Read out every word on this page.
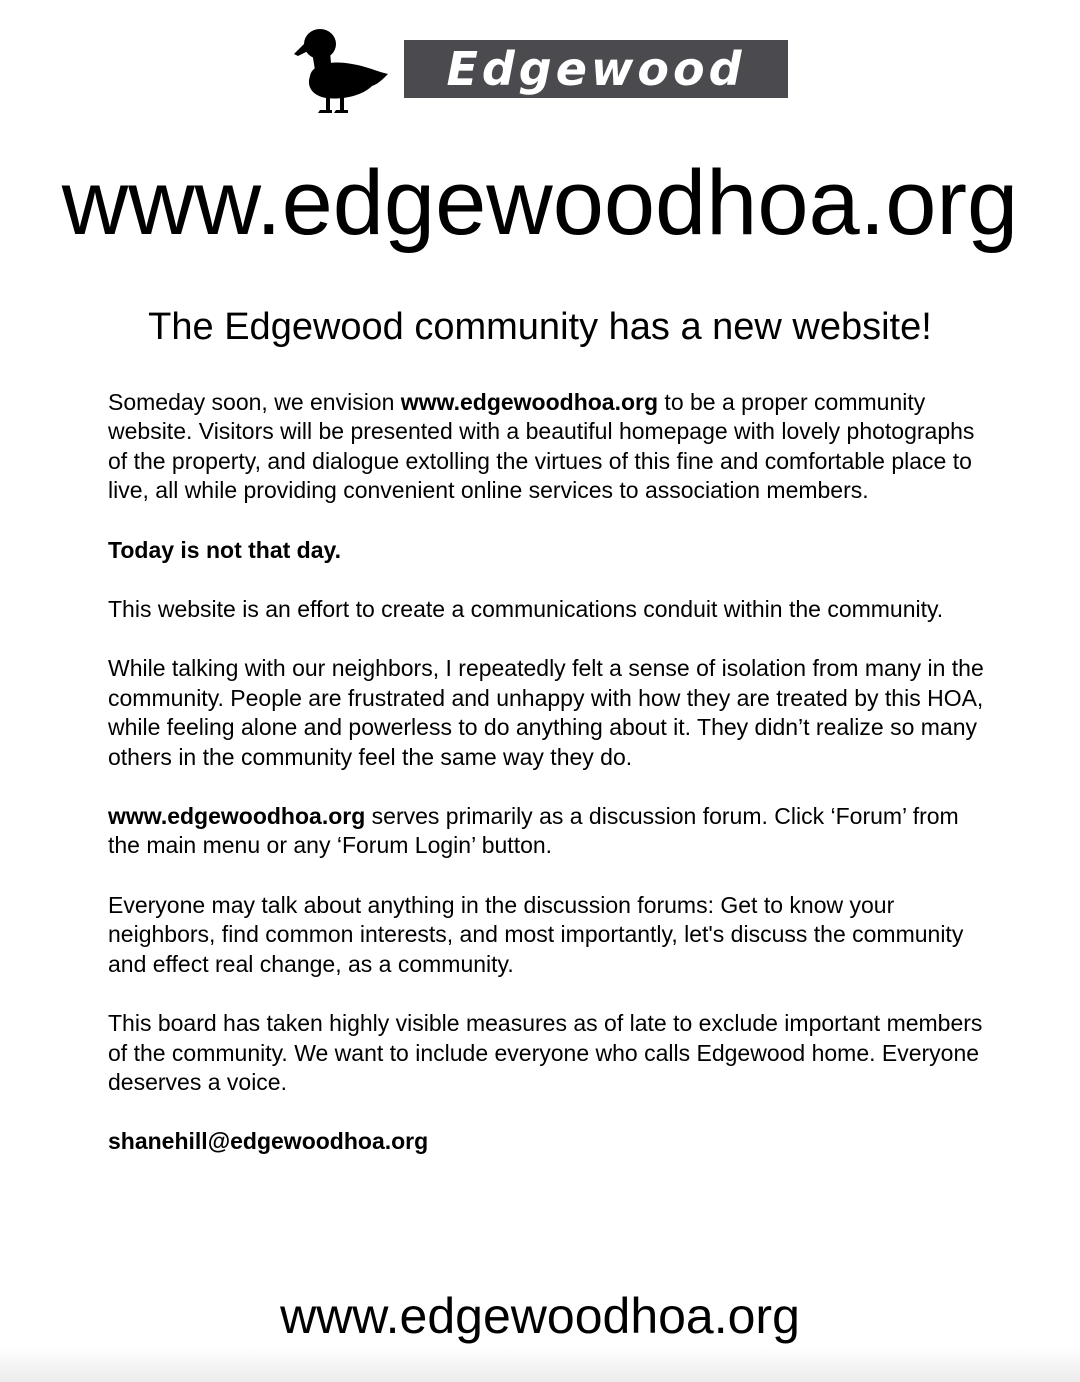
Edgewood
www.edgewoodhoa.org
The Edgewood community has a new website!

Someday soon, we envision www.edgewoodhoa.org to be a proper community website. Visitors will be presented with a beautiful homepage with lovely photographs of the property, and dialogue extolling the virtues of this fine and comfortable place to live, all while providing convenient online services to association members.

Today is not that day.

This website is an effort to create a communications conduit within the community.

While talking with our neighbors, I repeatedly felt a sense of isolation from many in the community. People are frustrated and unhappy with how they are treated by this HOA, while feeling alone and powerless to do anything about it. They didn’t realize so many others in the community feel the same way they do.

www.edgewoodhoa.org serves primarily as a discussion forum. Click ‘Forum’ from the main menu or any ‘Forum Login’ button.

Everyone may talk about anything in the discussion forums: Get to know your neighbors, find common interests, and most importantly, let's discuss the community and effect real change, as a community.

This board has taken highly visible measures as of late to exclude important members of the community. We want to include everyone who calls Edgewood home. Everyone deserves a voice.

shanehill@edgewoodhoa.org

www.edgewoodhoa.org
